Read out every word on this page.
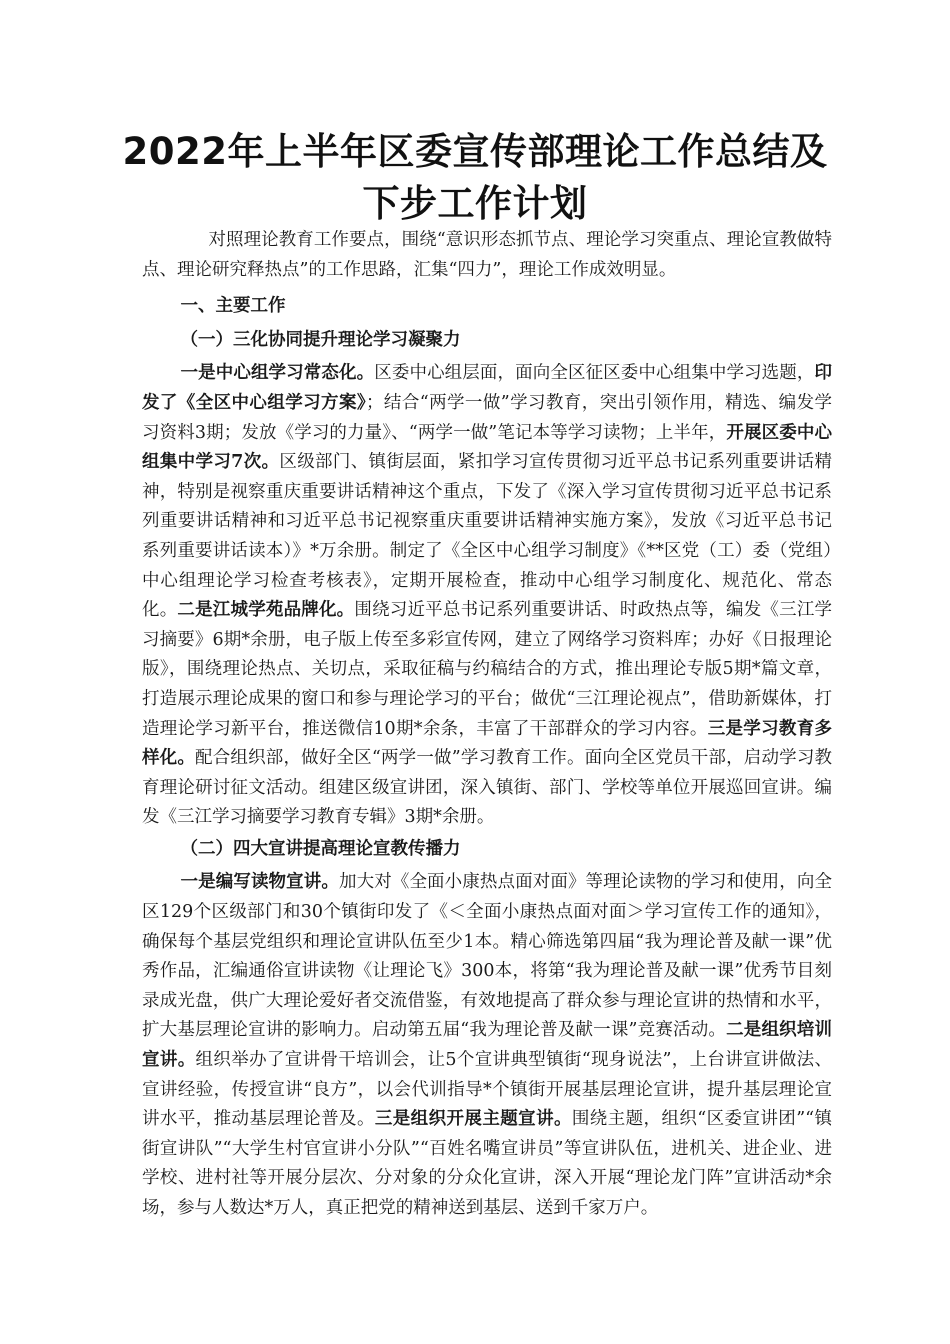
2022年上半年区委宣传部理论工作总结及
下步工作计划

对照理论教育工作要点，围绕“意识形态抓节点、理论学习突重点、理论宣教做特点、理论研究释热点”的工作思路，汇集“四力”，理论工作成效明显。

一、主要工作

（一）三化协同提升理论学习凝聚力

一是中心组学习常态化。区委中心组层面，面向全区征区委中心组集中学习选题，印发了《全区中心组学习方案》；结合“两学一做”学习教育，突出引领作用，精选、编发学习资料3期；发放《学习的力量》、“两学一做”笔记本等学习读物；上半年，开展区委中心组集中学习7次。区级部门、镇街层面，紧扣学习宣传贯彻习近平总书记系列重要讲话精神，特别是视察重庆重要讲话精神这个重点，下发了《深入学习宣传贯彻习近平总书记系列重要讲话精神和习近平总书记视察重庆重要讲话精神实施方案》，发放《习近平总书记系列重要讲话读本）》*万余册。制定了《全区中心组学习制度》《**区党（工）委（党组）中心组理论学习检查考核表》，定期开展检查，推动中心组学习制度化、规范化、常态化。二是江城学苑品牌化。围绕习近平总书记系列重要讲话、时政热点等，编发《三江学习摘要》6期*余册，电子版上传至多彩宣传网，建立了网络学习资料库；办好《日报理论版》，围绕理论热点、关切点，采取征稿与约稿结合的方式，推出理论专版5期*篇文章，打造展示理论成果的窗口和参与理论学习的平台；做优“三江理论视点”，借助新媒体，打造理论学习新平台，推送微信10期*余条，丰富了干部群众的学习内容。三是学习教育多样化。配合组织部，做好全区“两学一做”学习教育工作。面向全区党员干部，启动学习教育理论研讨征文活动。组建区级宣讲团，深入镇街、部门、学校等单位开展巡回宣讲。编发《三江学习摘要学习教育专辑》3期*余册。

（二）四大宣讲提高理论宣教传播力

一是编写读物宣讲。加大对《全面小康热点面对面》等理论读物的学习和使用，向全区129个区级部门和30个镇街印发了《＜全面小康热点面对面＞学习宣传工作的通知》，确保每个基层党组织和理论宣讲队伍至少1本。精心筛选第四届“我为理论普及献一课”优秀作品，汇编通俗宣讲读物《让理论飞》300本，将第“我为理论普及献一课”优秀节目刻录成光盘，供广大理论爱好者交流借鉴，有效地提高了群众参与理论宣讲的热情和水平，扩大基层理论宣讲的影响力。启动第五届“我为理论普及献一课”竞赛活动。二是组织培训宣讲。组织举办了宣讲骨干培训会，让5个宣讲典型镇街“现身说法”，上台讲宣讲做法、宣讲经验，传授宣讲“良方”，以会代训指导*个镇街开展基层理论宣讲，提升基层理论宣讲水平，推动基层理论普及。三是组织开展主题宣讲。围绕主题，组织“区委宣讲团”“镇街宣讲队”“大学生村官宣讲小分队”“百姓名嘴宣讲员”等宣讲队伍，进机关、进企业、进学校、进村社等开展分层次、分对象的分众化宣讲，深入开展“理论龙门阵”宣讲活动*余场，参与人数达*万人，真正把党的精神送到基层、送到千家万户。
